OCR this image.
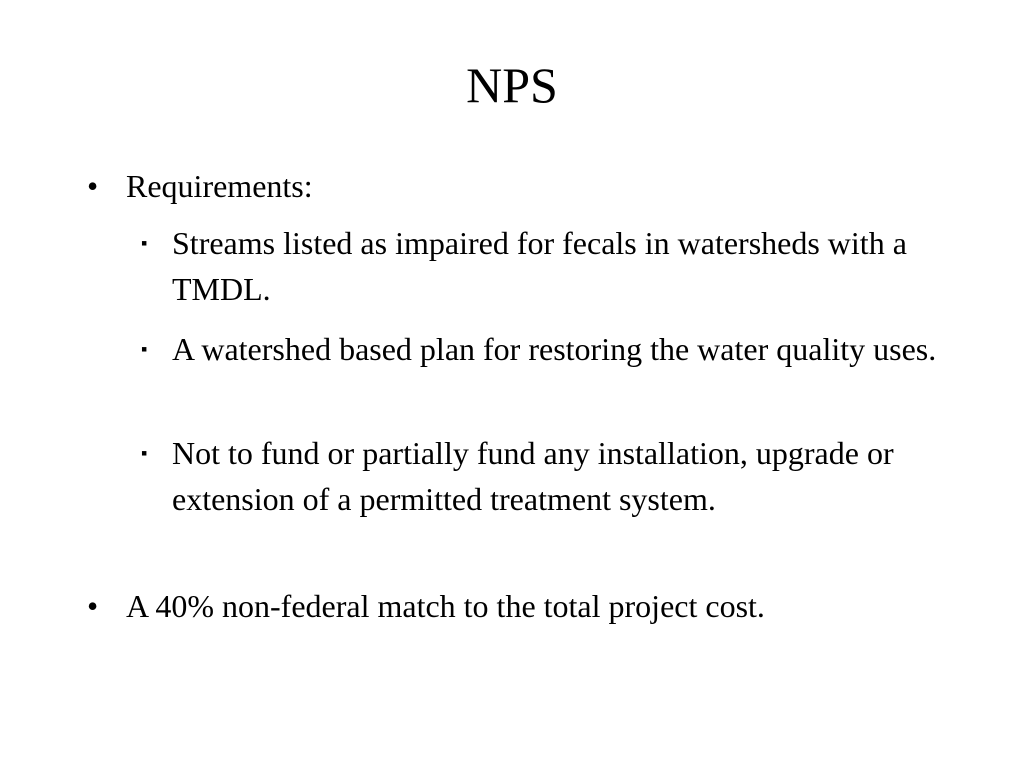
NPS
• Requirements:
▪ Streams listed as impaired for fecals in watersheds with a TMDL.
▪ A watershed based plan for restoring the water quality uses.
▪ Not to fund or partially fund any installation, upgrade or extension of a permitted treatment system.
• A 40% non-federal match to the total project cost.
